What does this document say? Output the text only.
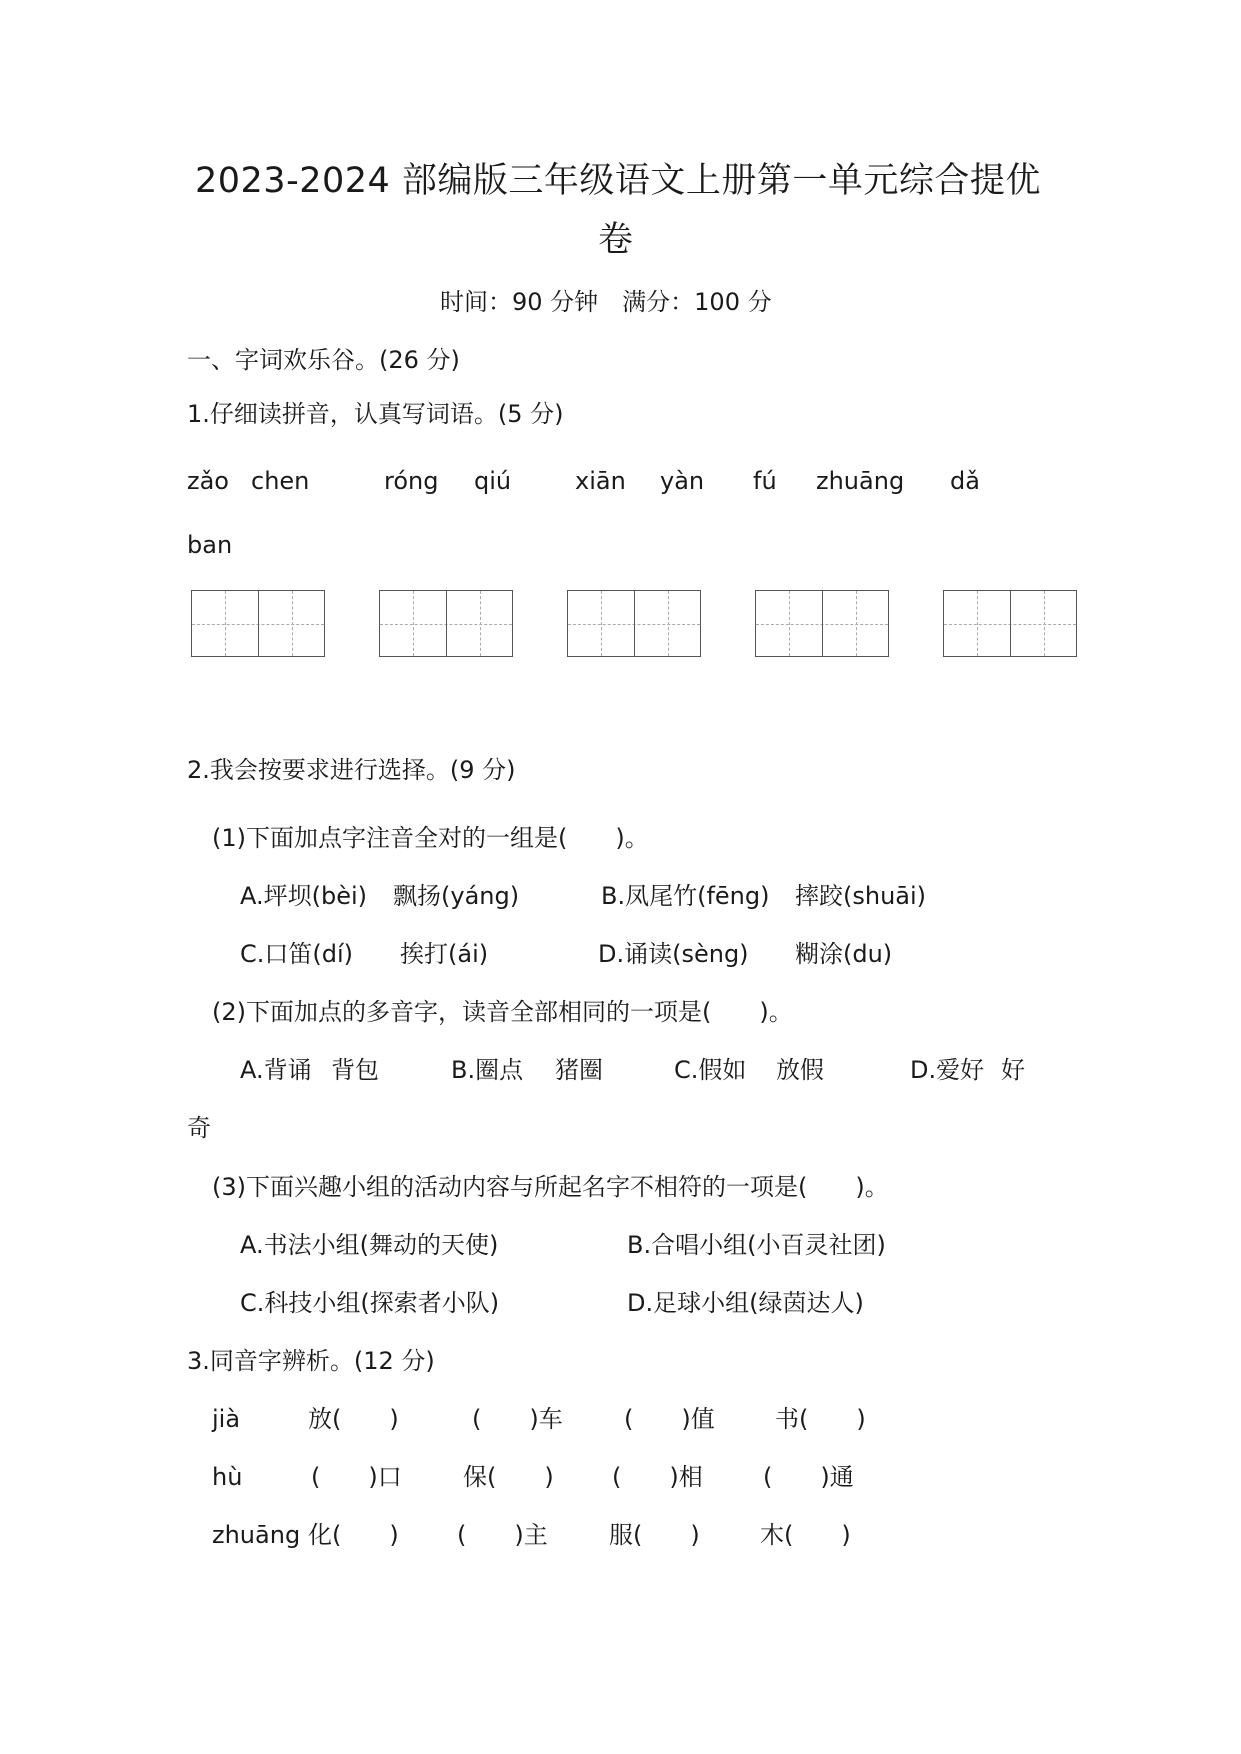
2023-2024 部编版三年级语文上册第一单元综合提优
卷
时间：90 分钟　满分：100 分
一、字词欢乐谷。(26 分)
1.仔细读拼音，认真写词语。(5 分)
zǎo chen	róng qiú	xiān yàn fú zhuāng dǎ
ban
2.我会按要求进行选择。(9 分)
(1)下面加点字注音全对的一组是(　　)。
A.坪坝(bèi) 飘扬(yáng)	B.凤尾竹(fēng) 摔跤(shuāi)
C.口笛(dí) 挨打(ái)	D.诵读(sèng) 糊涂(du)
(2)下面加点的多音字，读音全部相同的一项是(　　)。
A.背诵 背包	B.圈点 猪圈	C.假如 放假	D.爱好 好
奇
(3)下面兴趣小组的活动内容与所起名字不相符的一项是(　　)。
A.书法小组(舞动的天使)	B.合唱小组(小百灵社团)
C.科技小组(探索者小队)	D.足球小组(绿茵达人)
3.同音字辨析。(12 分)
jià	放(　　)	(　　)车	(　　)值	书(　　)
hù	(　　)口	保(　　) (　　)相	(　　)通
zhuāng 化(　　) (　　)主	服(　　)	木(　　)
